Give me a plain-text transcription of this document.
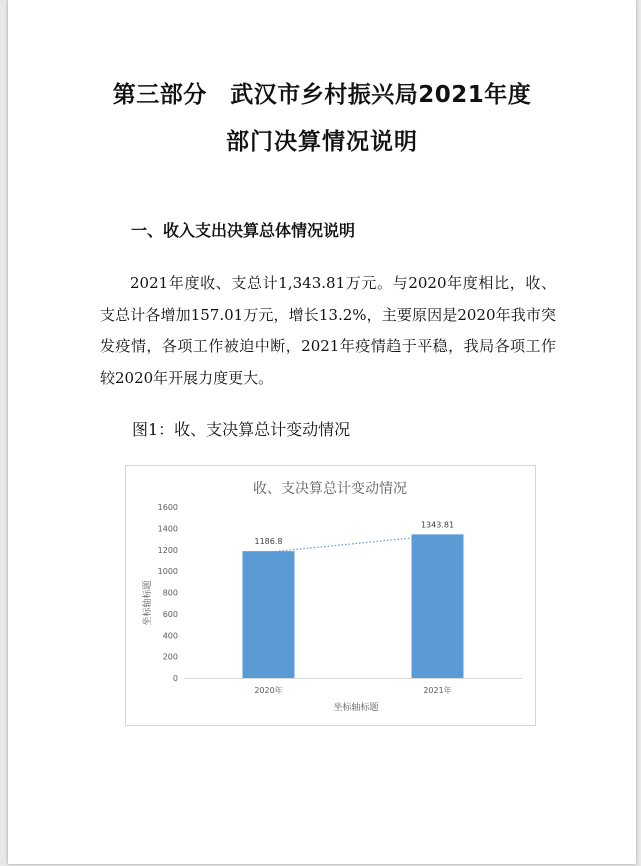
第三部分　武汉市乡村振兴局2021年度
部门决算情况说明
一、收入支出决算总体情况说明
2021年度收、支总计1,343.81万元。与2020年度相比，收、支总计各增加157.01万元，增长13.2%，主要原因是2020年我市突发疫情，各项工作被迫中断，2021年疫情趋于平稳，我局各项工作较2020年开展力度更大。
图1：收、支决算总计变动情况
收、支决算总计变动情况
坐标轴标题
坐标轴标题
0
200
400
600
800
1000
1200
1400
1600
1186.8
2020年
1343.81
2021年
